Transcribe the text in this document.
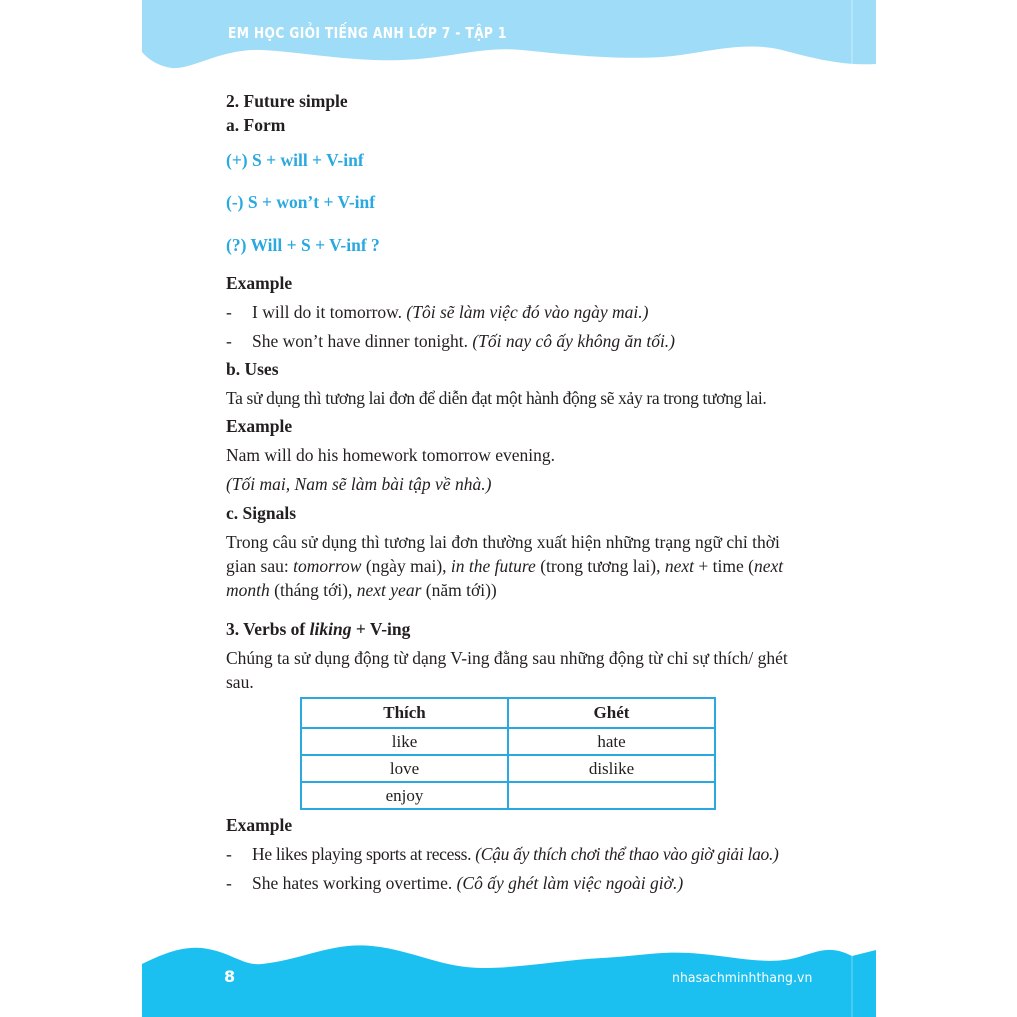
EM HỌC GIỎI TIẾNG ANH LỚP 7 - TẬP 1
2. Future simple
a. Form
(+) S + will + V-inf
(-) S + won’t + V-inf
(?) Will + S + V-inf ?
Example
- I will do it tomorrow. (Tôi sẽ làm việc đó vào ngày mai.)
- She won’t have dinner tonight. (Tối nay cô ấy không ăn tối.)
b. Uses
Ta sử dụng thì tương lai đơn để diễn đạt một hành động sẽ xảy ra trong tương lai.
Example
Nam will do his homework tomorrow evening.
(Tối mai, Nam sẽ làm bài tập về nhà.)
c. Signals
Trong câu sử dụng thì tương lai đơn thường xuất hiện những trạng ngữ chỉ thời gian sau: tomorrow (ngày mai), in the future (trong tương lai), next + time (next month (tháng tới), next year (năm tới))
3. Verbs of liking + V-ing
Chúng ta sử dụng động từ dạng V-ing đằng sau những động từ chỉ sự thích/ ghét sau.
Thích	Ghét
like	hate
love	dislike
enjoy	
Example
- He likes playing sports at recess. (Cậu ấy thích chơi thể thao vào giờ giải lao.)
- She hates working overtime. (Cô ấy ghét làm việc ngoài giờ.)
8	nhasachminhthang.vn
